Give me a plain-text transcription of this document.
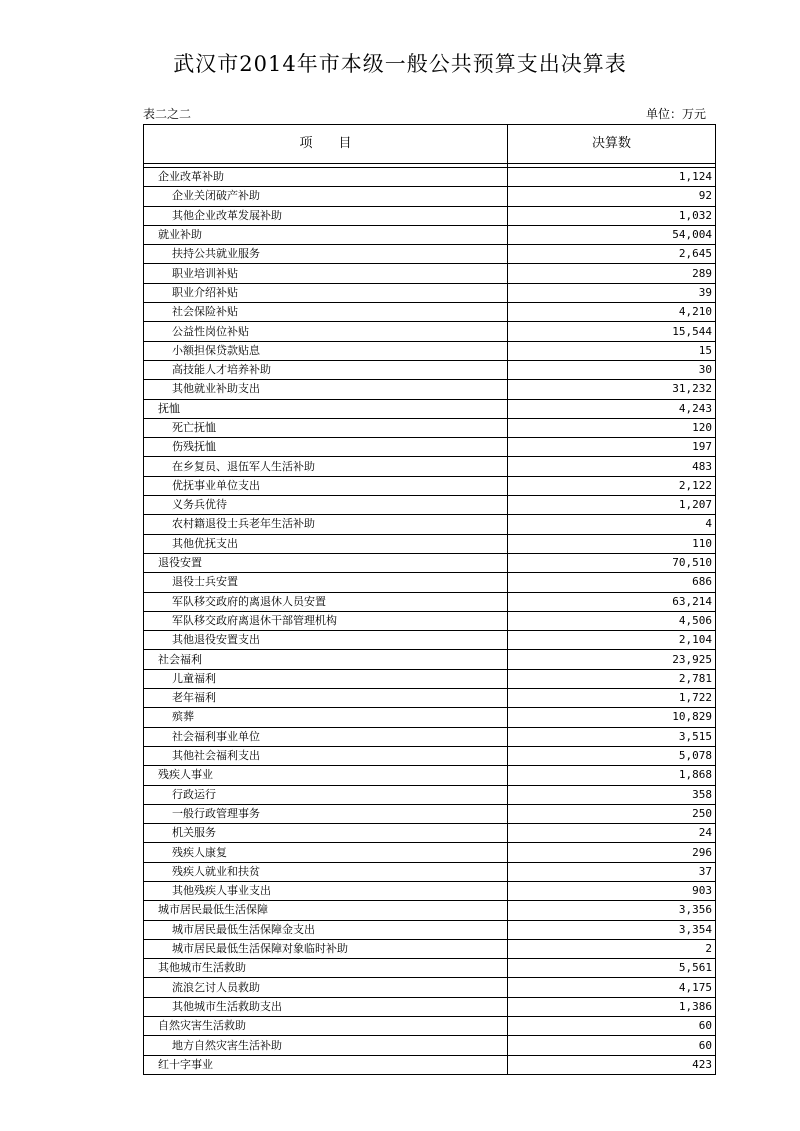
武汉市2014年市本级一般公共预算支出决算表
表二之二	单位：万元
项　　目	决算数

企业改革补助	1,124
企业关闭破产补助	92
其他企业改革发展补助	1,032
就业补助	54,004
扶持公共就业服务	2,645
职业培训补贴	289
职业介绍补贴	39
社会保险补贴	4,210
公益性岗位补贴	15,544
小额担保贷款贴息	15
高技能人才培养补助	30
其他就业补助支出	31,232
抚恤	4,243
死亡抚恤	120
伤残抚恤	197
在乡复员、退伍军人生活补助	483
优抚事业单位支出	2,122
义务兵优待	1,207
农村籍退役士兵老年生活补助	4
其他优抚支出	110
退役安置	70,510
退役士兵安置	686
军队移交政府的离退休人员安置	63,214
军队移交政府离退休干部管理机构	4,506
其他退役安置支出	2,104
社会福利	23,925
儿童福利	2,781
老年福利	1,722
殡葬	10,829
社会福利事业单位	3,515
其他社会福利支出	5,078
残疾人事业	1,868
行政运行	358
一般行政管理事务	250
机关服务	24
残疾人康复	296
残疾人就业和扶贫	37
其他残疾人事业支出	903
城市居民最低生活保障	3,356
城市居民最低生活保障金支出	3,354
城市居民最低生活保障对象临时补助	2
其他城市生活救助	5,561
流浪乞讨人员救助	4,175
其他城市生活救助支出	1,386
自然灾害生活救助	60
地方自然灾害生活补助	60
红十字事业	423
